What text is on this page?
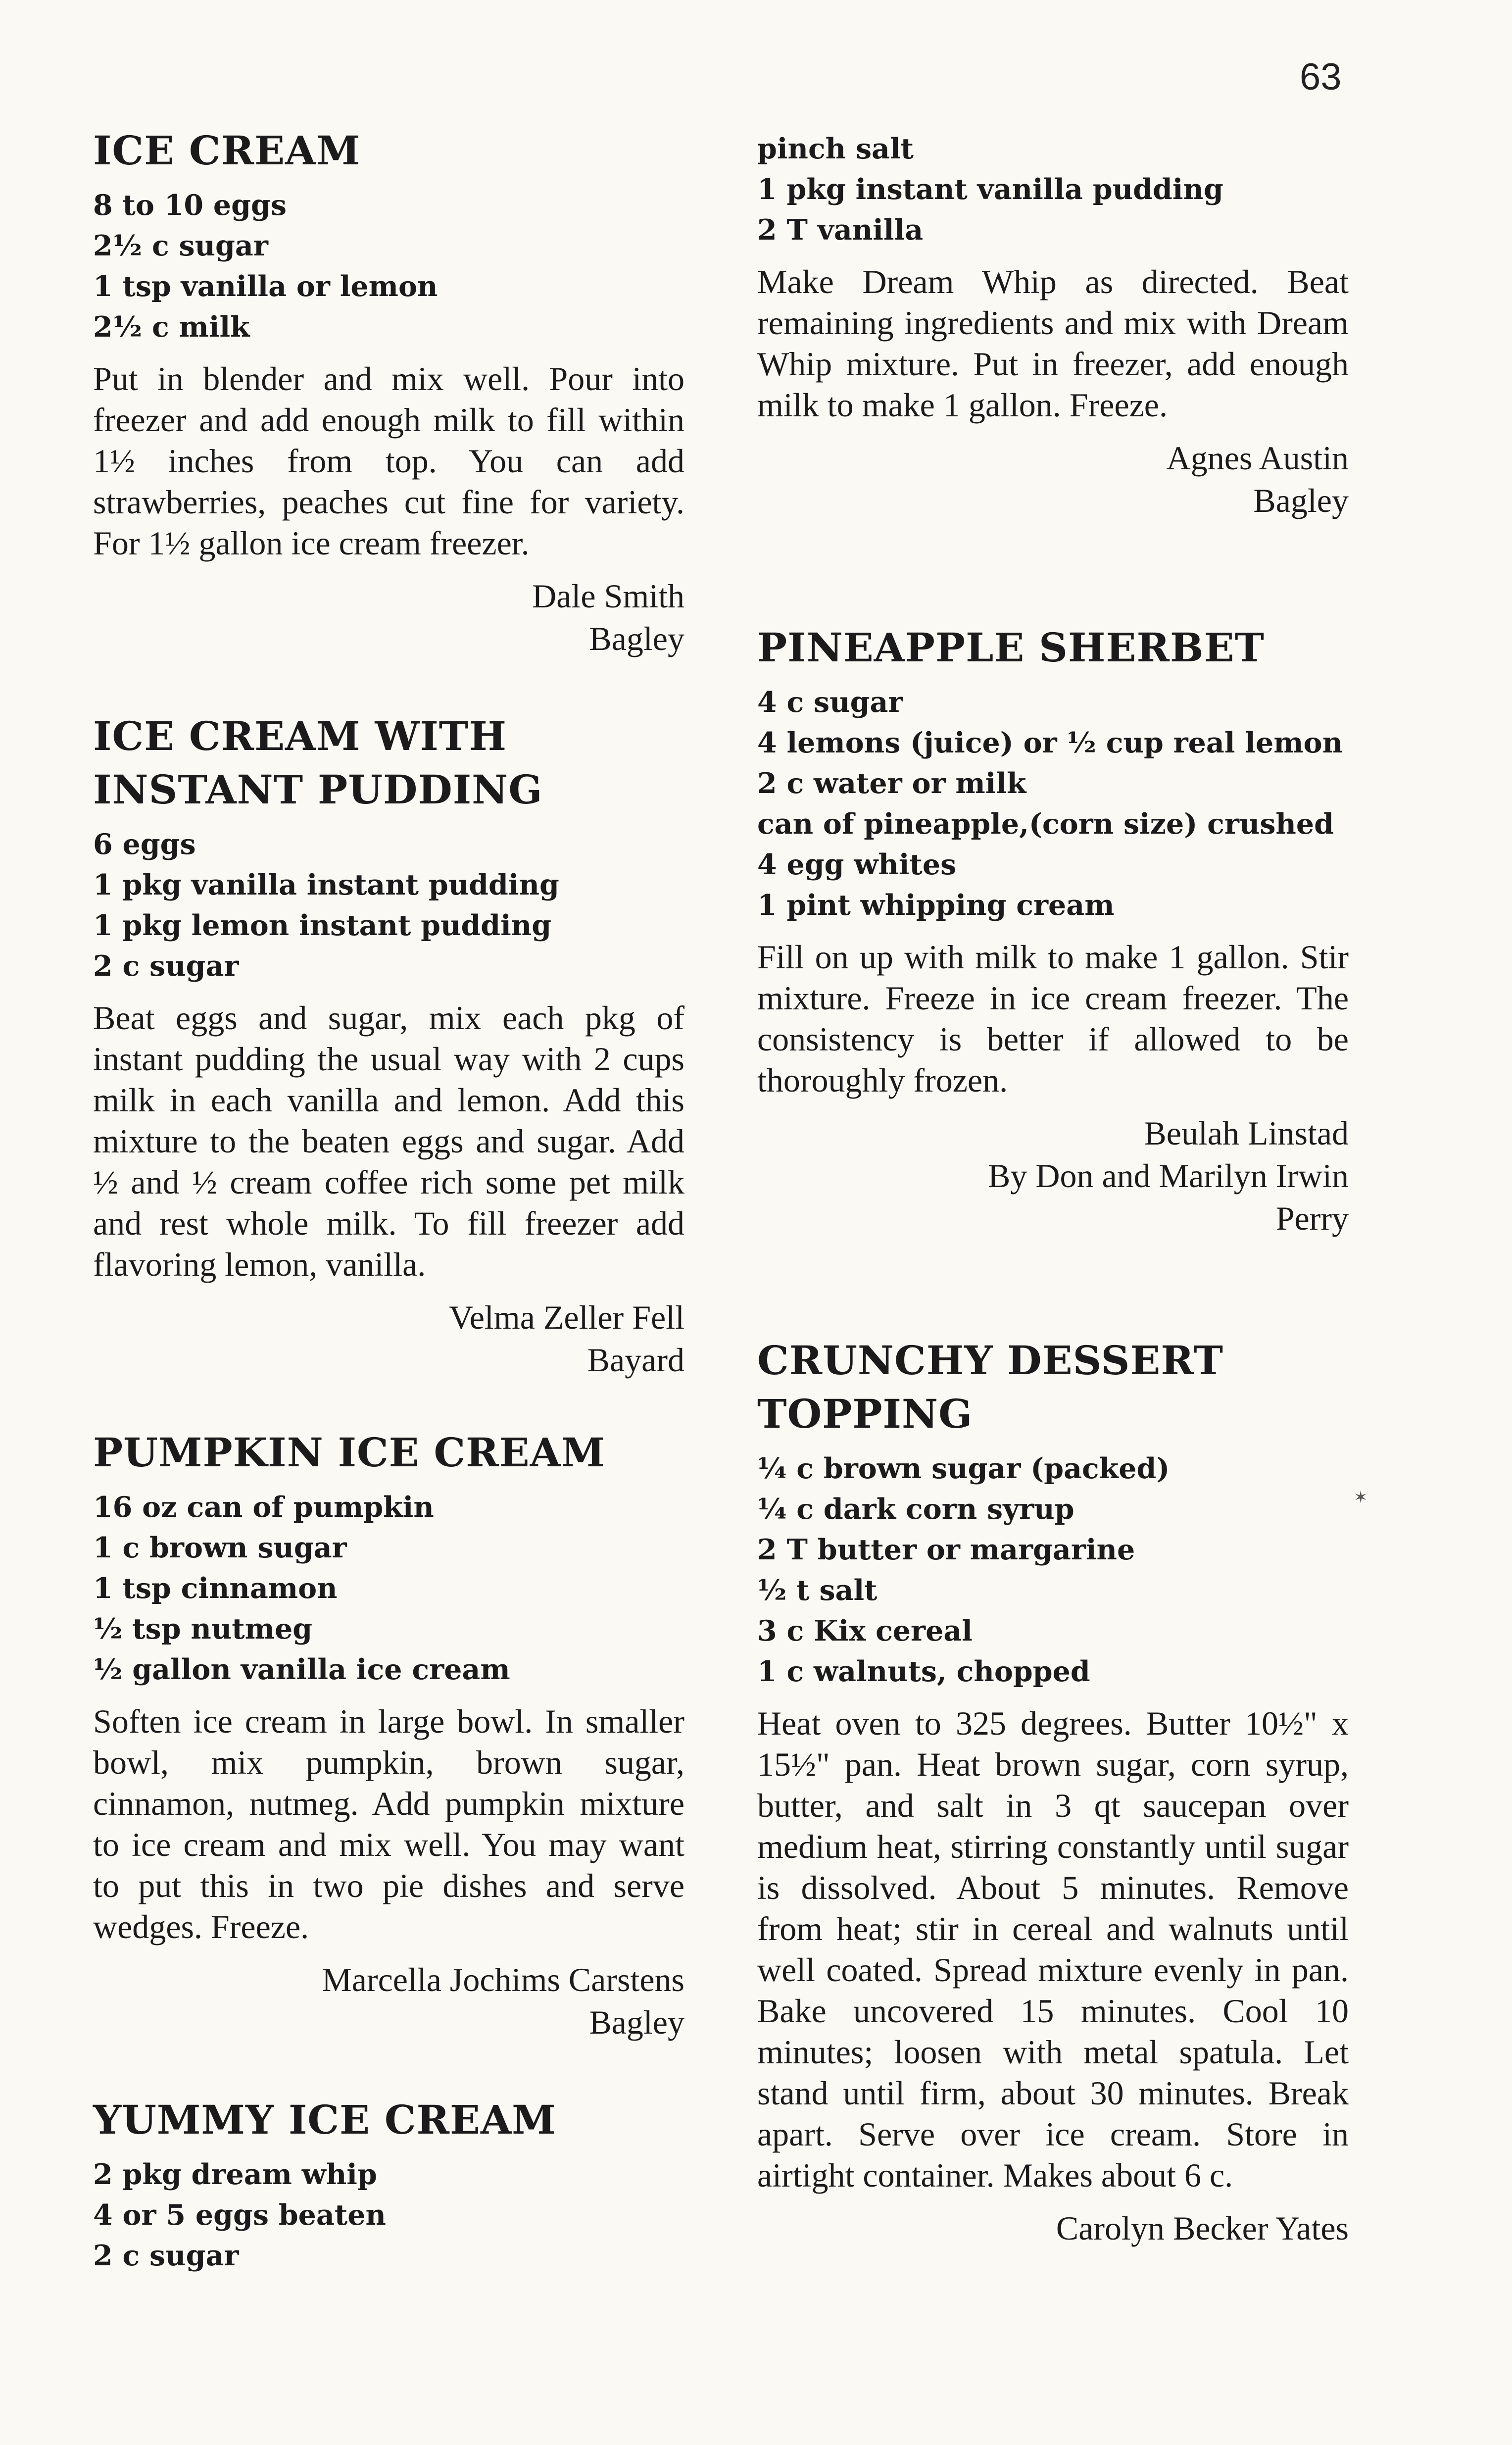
63
ICE CREAM
8 to 10 eggs
2½ c sugar
1 tsp vanilla or lemon
2½ c milk

Put in blender and mix well. Pour into freezer and add enough milk to fill within 1½ inches from top. You can add strawberries, peaches cut fine for variety. For 1½ gallon ice cream freezer.

Dale Smith
Bagley
ICE CREAM WITH INSTANT PUDDING
6 eggs
1 pkg vanilla instant pudding
1 pkg lemon instant pudding
2 c sugar

Beat eggs and sugar, mix each pkg of instant pudding the usual way with 2 cups milk in each vanilla and lemon. Add this mixture to the beaten eggs and sugar. Add ½ and ½ cream coffee rich some pet milk and rest whole milk. To fill freezer add flavoring lemon, vanilla.

Velma Zeller Fell
Bayard
PUMPKIN ICE CREAM
16 oz can of pumpkin
1 c brown sugar
1 tsp cinnamon
½ tsp nutmeg
½ gallon vanilla ice cream

Soften ice cream in large bowl. In smaller bowl, mix pumpkin, brown sugar, cinnamon, nutmeg. Add pumpkin mixture to ice cream and mix well. You may want to put this in two pie dishes and serve wedges. Freeze.

Marcella Jochims Carstens
Bagley
YUMMY ICE CREAM
2 pkg dream whip
4 or 5 eggs beaten
2 c sugar
pinch salt
1 pkg instant vanilla pudding
2 T vanilla

Make Dream Whip as directed. Beat remaining ingredients and mix with Dream Whip mixture. Put in freezer, add enough milk to make 1 gallon. Freeze.

Agnes Austin
Bagley
PINEAPPLE SHERBET
4 c sugar
4 lemons (juice) or ½ cup real lemon
2 c water or milk
can of pineapple,(corn size) crushed
4 egg whites
1 pint whipping cream

Fill on up with milk to make 1 gallon. Stir mixture. Freeze in ice cream freezer. The consistency is better if allowed to be thoroughly frozen.

Beulah Linstad
By Don and Marilyn Irwin
Perry
CRUNCHY DESSERT TOPPING
¼ c brown sugar (packed)
¼ c dark corn syrup
2 T butter or margarine
½ t salt
3 c Kix cereal
1 c walnuts, chopped

Heat oven to 325 degrees. Butter 10½" x 15½" pan. Heat brown sugar, corn syrup, butter, and salt in 3 qt saucepan over medium heat, stirring constantly until sugar is dissolved. About 5 minutes. Remove from heat; stir in cereal and walnuts until well coated. Spread mixture evenly in pan. Bake uncovered 15 minutes. Cool 10 minutes; loosen with metal spatula. Let stand until firm, about 30 minutes. Break apart. Serve over ice cream. Store in airtight container. Makes about 6 c.

Carolyn Becker Yates
✶
